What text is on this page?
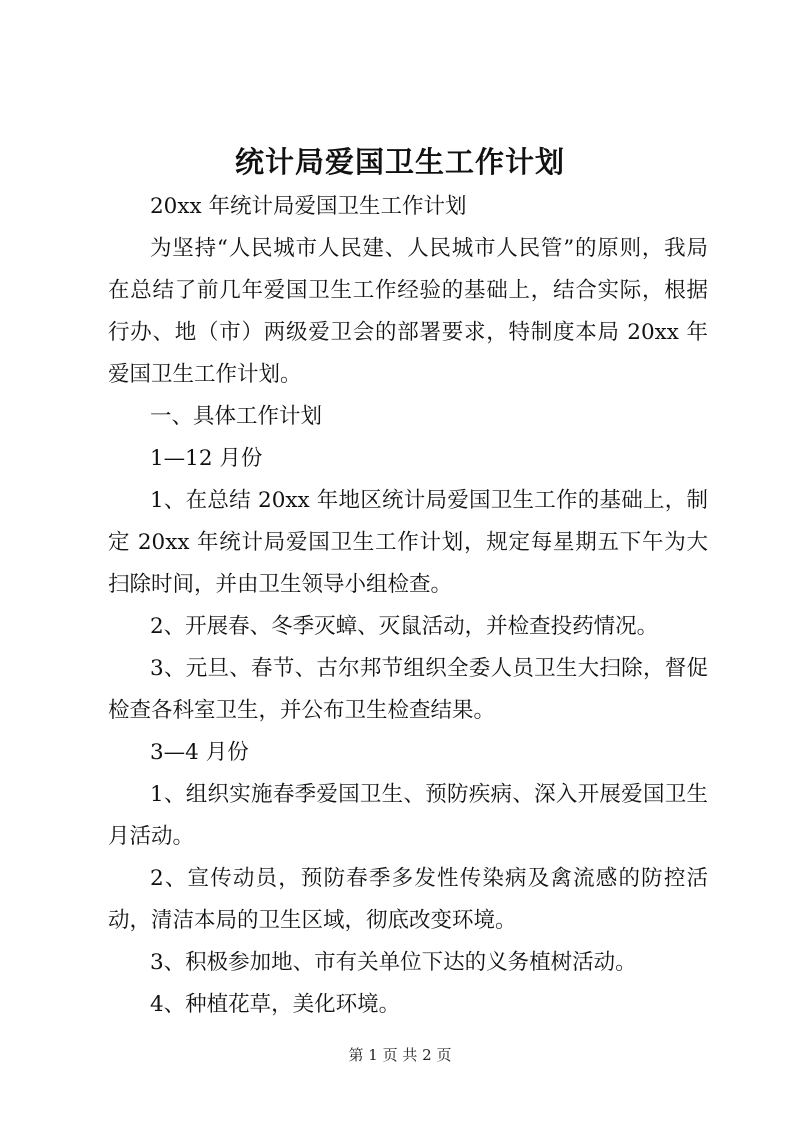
统计局爱国卫生工作计划

20xx 年统计局爱国卫生工作计划

为坚持“人民城市人民建、人民城市人民管”的原则，我局在总结了前几年爱国卫生工作经验的基础上，结合实际，根据行办、地（市）两级爱卫会的部署要求，特制度本局 20xx 年爱国卫生工作计划。

一、具体工作计划

1—12 月份

1、在总结 20xx 年地区统计局爱国卫生工作的基础上，制定 20xx 年统计局爱国卫生工作计划，规定每星期五下午为大扫除时间，并由卫生领导小组检查。

2、开展春、冬季灭蟑、灭鼠活动，并检查投药情况。

3、元旦、春节、古尔邦节组织全委人员卫生大扫除，督促检查各科室卫生，并公布卫生检查结果。

3—4 月份

1、组织实施春季爱国卫生、预防疾病、深入开展爱国卫生月活动。

2、宣传动员，预防春季多发性传染病及禽流感的防控活动，清洁本局的卫生区域，彻底改变环境。

3、积极参加地、市有关单位下达的义务植树活动。

4、种植花草，美化环境。

第 1 页 共 2 页
